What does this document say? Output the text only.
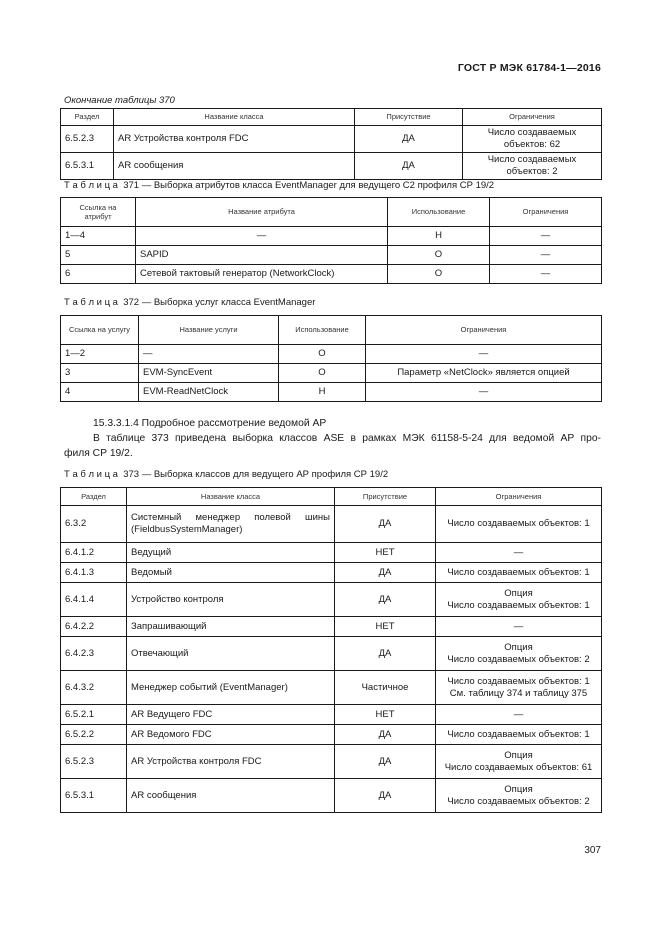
ГОСТ Р МЭК 61784-1—2016
Окончание таблицы 370
Раздел	Название класса	Присутствие	Ограничения
6.5.2.3	AR Устройства контроля FDC	ДА	Число создаваемых объектов: 62
6.5.3.1	AR сообщения	ДА	Число создаваемых объектов: 2
Т а б л и ц а  371 — Выборка атрибутов класса EventManager для ведущего С2 профиля СР 19/2
Ссылка на атрибут	Название атрибута	Использование	Ограничения
1—4	—	Н	—
5	SAPID	О	—
6	Сетевой тактовый генератор (NetworkClock)	О	—
Т а б л и ц а  372 — Выборка услуг класса EventManager
Ссылка на услугу	Название услуги	Использование	Ограничения
1—2	—	О	—
3	EVM-SyncEvent	О	Параметр «NetClock» является опцией
4	EVM-ReadNetClock	Н	—
15.3.3.1.4 Подробное рассмотрение ведомой АР
В таблице 373 приведена выборка классов ASE в рамках МЭК 61158-5-24 для ведомой АР про-
филя СР 19/2.
Т а б л и ц а  373 — Выборка классов для ведущего АР профиля СР 19/2
Раздел	Название класса	Присутствие	Ограничения

6.3.2	Системный менеджер полевой шины
(FieldbusSystemManager)	ДА	Число создаваемых объектов: 1

6.4.1.2	Ведущий	НЕТ	—

6.4.1.3	Ведомый	ДА	Число создаваемых объектов: 1

6.4.1.4	Устройство контроля	ДА	Опция
Число создаваемых объектов: 1

6.4.2.2	Запрашивающий	НЕТ	—

6.4.2.3	Отвечающий	ДА	Опция
Число создаваемых объектов: 2

6.4.3.2	Менеджер событий (EventManager)	Частичное	Число создаваемых объектов: 1
См. таблицу 374 и таблицу 375

6.5.2.1	AR Ведущего FDC	НЕТ	—

6.5.2.2	AR Ведомого FDC	ДА	Число создаваемых объектов: 1

6.5.2.3	AR Устройства контроля FDC	ДА	Опция
Число создаваемых объектов: 61

6.5.3.1	AR сообщения	ДА	Опция
Число создаваемых объектов: 2
307
